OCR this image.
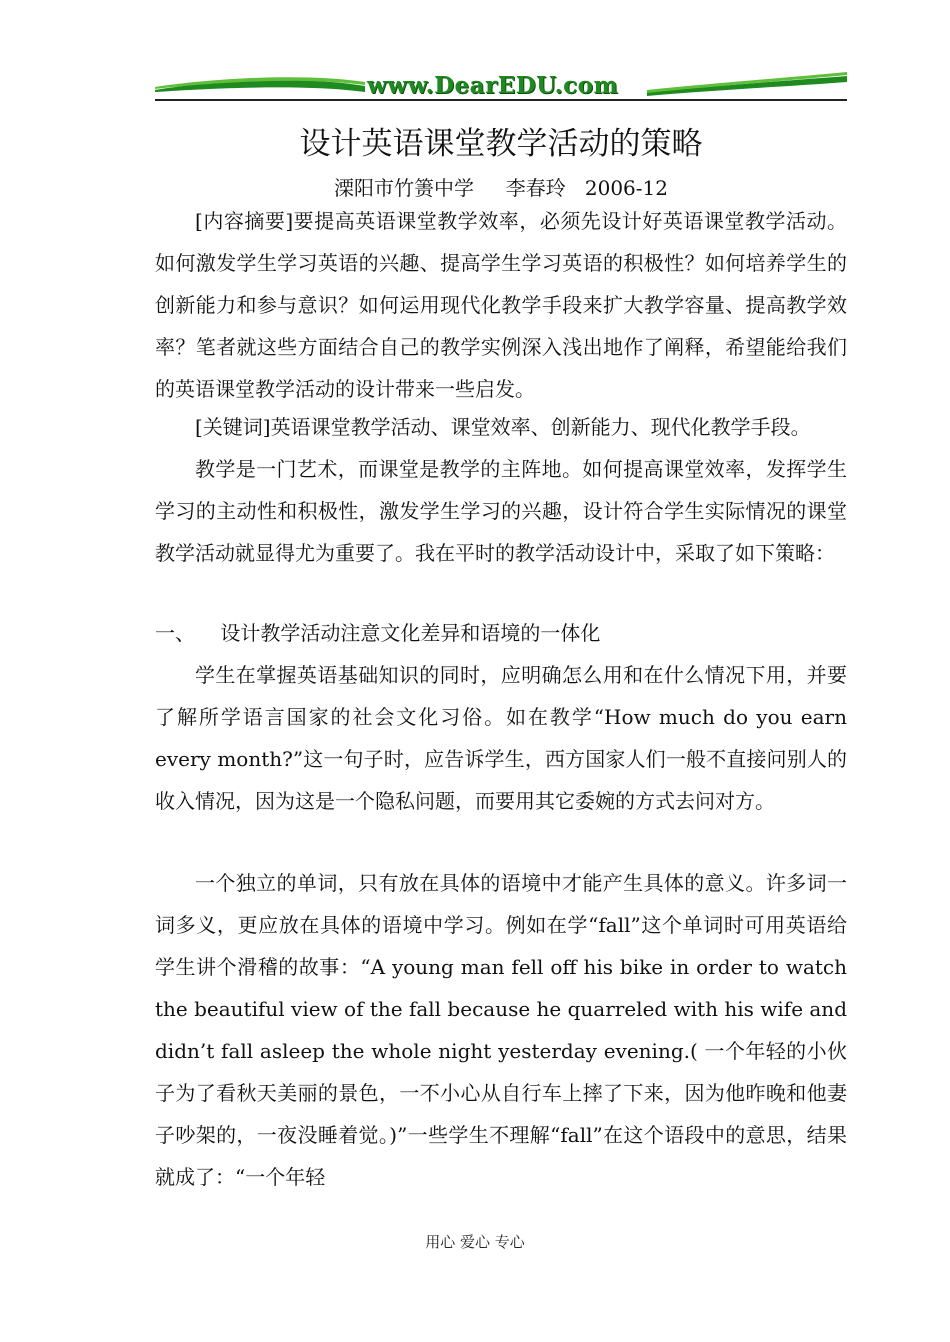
www.DearEDU.com
设计英语课堂教学活动的策略
溧阳市竹箦中学     李春玲   2006-12

[内容摘要]要提高英语课堂教学效率，必须先设计好英语课堂教学活动。如何激发学生学习英语的兴趣、提高学生学习英语的积极性？如何培养学生的创新能力和参与意识？如何运用现代化教学手段来扩大教学容量、提高教学效率？笔者就这些方面结合自己的教学实例深入浅出地作了阐释，希望能给我们的英语课堂教学活动的设计带来一些启发。

[关键词]英语课堂教学活动、课堂效率、创新能力、现代化教学手段。

教学是一门艺术，而课堂是教学的主阵地。如何提高课堂效率，发挥学生学习的主动性和积极性，激发学生学习的兴趣，设计符合学生实际情况的课堂教学活动就显得尤为重要了。我在平时的教学活动设计中，采取了如下策略：

一、    设计教学活动注意文化差异和语境的一体化

学生在掌握英语基础知识的同时，应明确怎么用和在什么情况下用，并要了解所学语言国家的社会文化习俗。如在教学“How much do you earn every month?”这一句子时，应告诉学生，西方国家人们一般不直接问别人的收入情况，因为这是一个隐私问题，而要用其它委婉的方式去问对方。

一个独立的单词，只有放在具体的语境中才能产生具体的意义。许多词一词多义，更应放在具体的语境中学习。例如在学“fall”这个单词时可用英语给学生讲个滑稽的故事：“A young man fell off his bike in order to watch the beautiful view of the fall because he quarreled with his wife and didn’t fall asleep the whole night yesterday evening.( 一个年轻的小伙子为了看秋天美丽的景色，一不小心从自行车上摔了下来，因为他昨晚和他妻子吵架的，一夜没睡着觉。)”一些学生不理解“fall”在这个语段中的意思，结果就成了：“一个年轻

用心 爱心 专心
